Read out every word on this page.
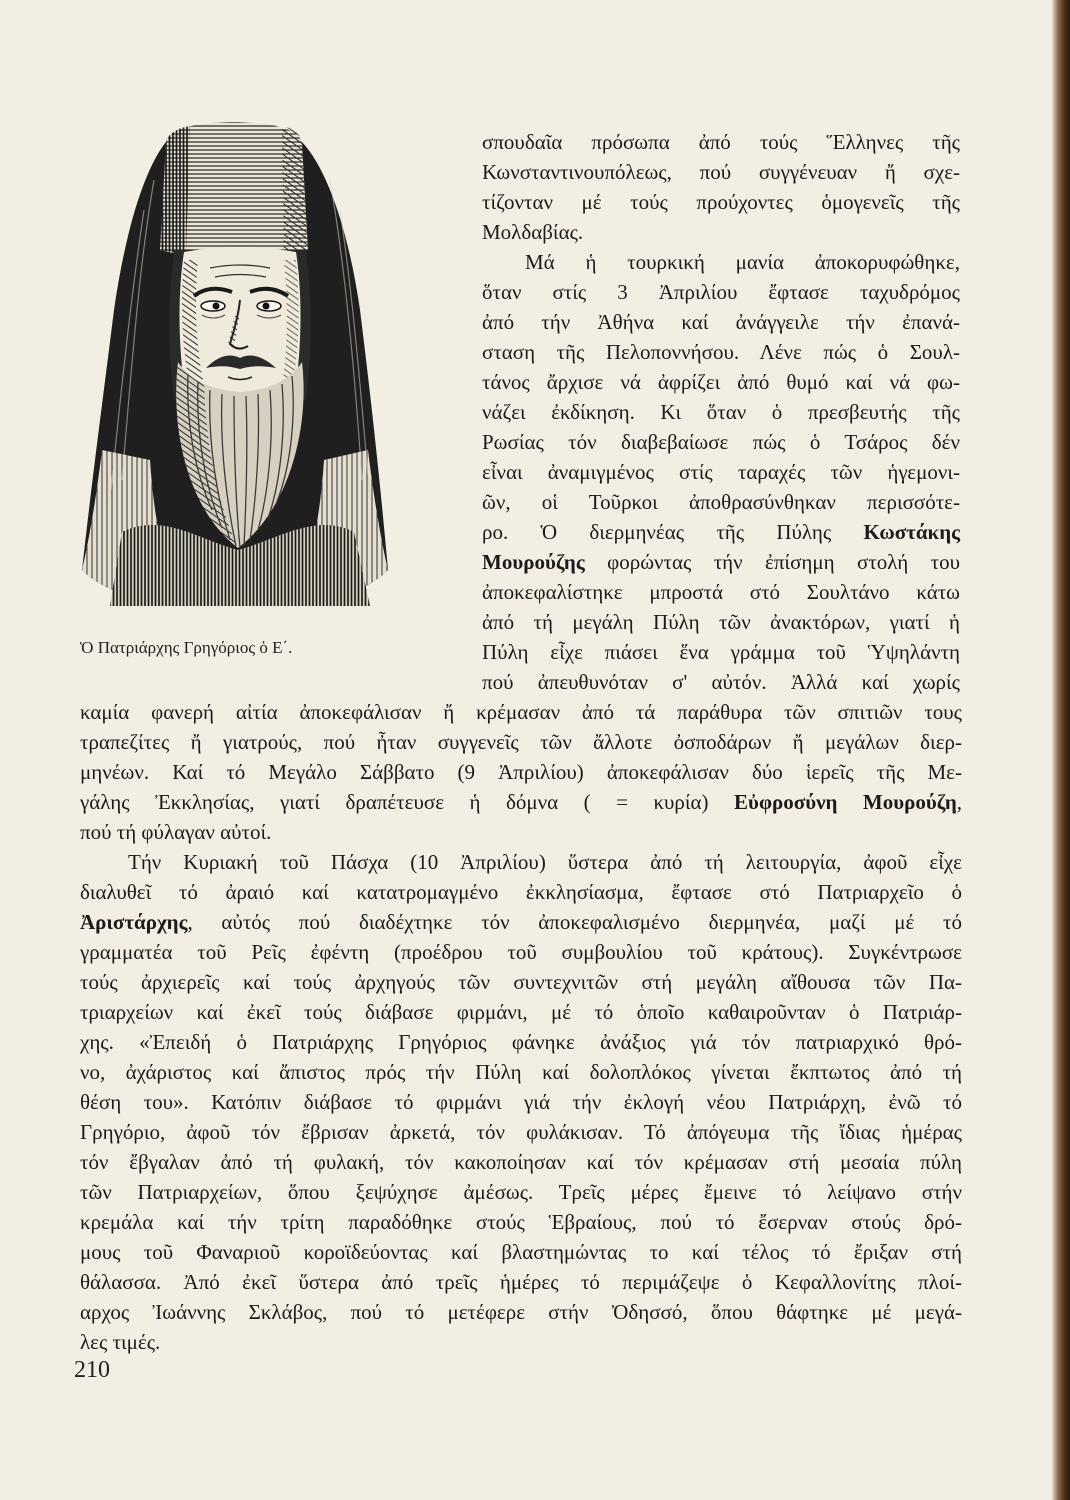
Ὁ Πατριάρχης Γρηγόριος ὁ Ε΄.
σπουδαῖα πρόσωπα ἀπό τούς Ἕλληνες τῆς
Κωνσταντινουπόλεως, πού συγγένευαν ἤ σχε-
τίζονταν μέ τούς προύχοντες ὁμογενεῖς τῆς
Μολδαβίας.
Μά ἡ τουρκική μανία ἀποκορυφώθηκε,
ὅταν στίς 3 Ἀπριλίου ἔφτασε ταχυδρόμος
ἀπό τήν Ἀθήνα καί ἀνάγγειλε τήν ἐπανά-
σταση τῆς Πελοποννήσου. Λένε πώς ὁ Σουλ-
τάνος ἄρχισε νά ἀφρίζει ἀπό θυμό καί νά φω-
νάζει ἐκδίκηση. Κι ὅταν ὁ πρεσβευτής τῆς
Ρωσίας τόν διαβεβαίωσε πώς ὁ Τσάρος δέν
εἶναι ἀναμιγμένος στίς ταραχές τῶν ἡγεμονι-
ῶν, οἱ Τοῦρκοι ἀποθρασύνθηκαν περισσότε-
ρο. Ὁ διερμηνέας τῆς Πύλης Κωστάκης
Μουρούζης φορώντας τήν ἐπίσημη στολή του
ἀποκεφαλίστηκε μπροστά στό Σουλτάνο κάτω
ἀπό τή μεγάλη Πύλη τῶν ἀνακτόρων, γιατί ἡ
Πύλη εἶχε πιάσει ἕνα γράμμα τοῦ Ὑψηλάντη
πού ἀπευθυνόταν σ' αὐτόν. Ἀλλά καί χωρίς
καμία φανερή αἰτία ἀποκεφάλισαν ἤ κρέμασαν ἀπό τά παράθυρα τῶν σπιτιῶν τους
τραπεζίτες ἤ γιατρούς, πού ἦταν συγγενεῖς τῶν ἄλλοτε ὀσποδάρων ἤ μεγάλων διερ-
μηνέων. Καί τό Μεγάλο Σάββατο (9 Ἀπριλίου) ἀποκεφάλισαν δύο ἱερεῖς τῆς Με-
γάλης Ἐκκλησίας, γιατί δραπέτευσε ἡ δόμνα ( = κυρία) Εὐφροσύνη Μουρούζη,
πού τή φύλαγαν αὐτοί.
Τήν Κυριακή τοῦ Πάσχα (10 Ἀπριλίου) ὕστερα ἀπό τή λειτουργία, ἀφοῦ εἶχε
διαλυθεῖ τό ἀραιό καί κατατρομαγμένο ἐκκλησίασμα, ἔφτασε στό Πατριαρχεῖο ὁ
Ἀριστάρχης, αὐτός πού διαδέχτηκε τόν ἀποκεφαλισμένο διερμηνέα, μαζί μέ τό
γραμματέα τοῦ Ρεῖς ἐφέντη (προέδρου τοῦ συμβουλίου τοῦ κράτους). Συγκέντρωσε
τούς ἀρχιερεῖς καί τούς ἀρχηγούς τῶν συντεχνιτῶν στή μεγάλη αἴθουσα τῶν Πα-
τριαρχείων καί ἐκεῖ τούς διάβασε φιρμάνι, μέ τό ὁποῖο καθαιροῦνταν ὁ Πατριάρ-
χης. «Ἐπειδή ὁ Πατριάρχης Γρηγόριος φάνηκε ἀνάξιος γιά τόν πατριαρχικό θρό-
νο, ἀχάριστος καί ἄπιστος πρός τήν Πύλη καί δολοπλόκος γίνεται ἔκπτωτος ἀπό τή
θέση του». Κατόπιν διάβασε τό φιρμάνι γιά τήν ἐκλογή νέου Πατριάρχη, ἐνῶ τό
Γρηγόριο, ἀφοῦ τόν ἔβρισαν ἀρκετά, τόν φυλάκισαν. Τό ἀπόγευμα τῆς ἴδιας ἡμέρας
τόν ἔβγαλαν ἀπό τή φυλακή, τόν κακοποίησαν καί τόν κρέμασαν στή μεσαία πύλη
τῶν Πατριαρχείων, ὅπου ξεψύχησε ἀμέσως. Τρεῖς μέρες ἔμεινε τό λείψανο στήν
κρεμάλα καί τήν τρίτη παραδόθηκε στούς Ἑβραίους, πού τό ἔσερναν στούς δρό-
μους τοῦ Φαναριοῦ κοροϊδεύοντας καί βλαστημώντας το καί τέλος τό ἔριξαν στή
θάλασσα. Ἀπό ἐκεῖ ὕστερα ἀπό τρεῖς ἡμέρες τό περιμάζεψε ὁ Κεφαλλονίτης πλοί-
αρχος Ἰωάννης Σκλάβος, πού τό μετέφερε στήν Ὀδησσό, ὅπου θάφτηκε μέ μεγά-
λες τιμές.
210
